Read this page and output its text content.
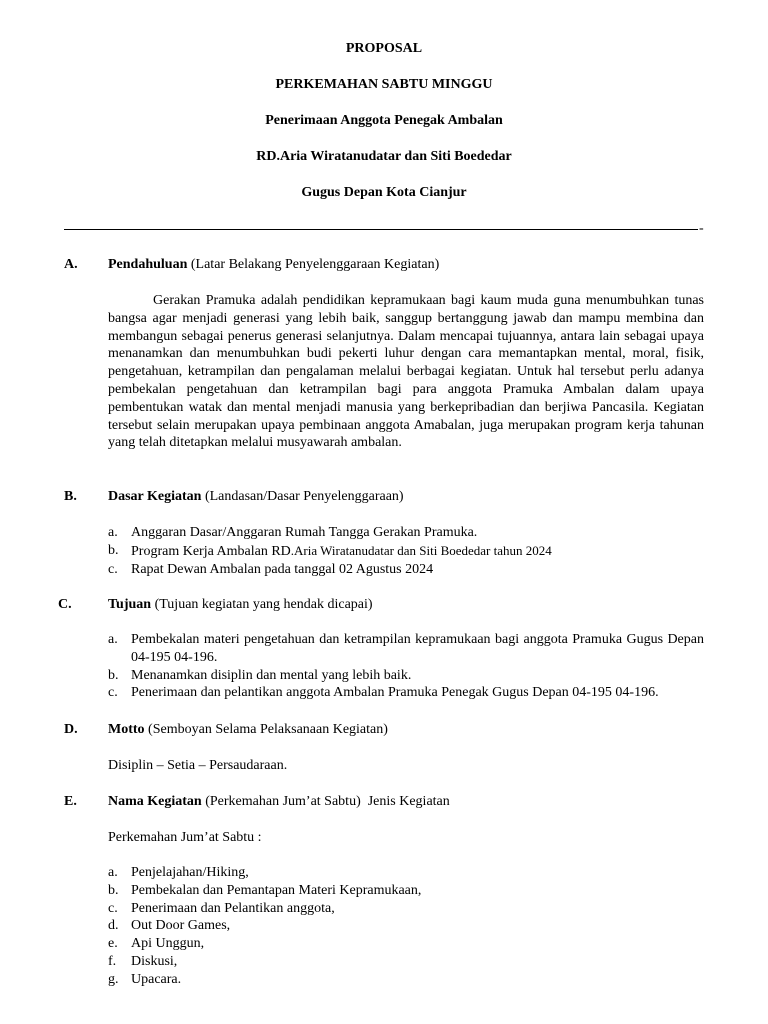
PROPOSAL

PERKEMAHAN SABTU MINGGU

Penerimaan Anggota Penegak Ambalan

RD.Aria Wiratanudatar dan Siti Boededar

Gugus Depan Kota Cianjur

-
A. Pendahuluan (Latar Belakang Penyelenggaraan Kegiatan)

Gerakan Pramuka adalah pendidikan kepramukaan bagi kaum muda guna menumbuhkan tunas bangsa agar menjadi generasi yang lebih baik, sanggup bertanggung jawab dan mampu membina dan membangun sebagai penerus generasi selanjutnya. Dalam mencapai tujuannya, antara lain sebagai upaya menanamkan dan menumbuhkan budi pekerti luhur dengan cara memantapkan mental, moral, fisik, pengetahuan, ketrampilan dan pengalaman melalui berbagai kegiatan. Untuk hal tersebut perlu adanya pembekalan pengetahuan dan ketrampilan bagi para anggota Pramuka Ambalan dalam upaya pembentukan watak dan mental menjadi manusia yang berkepribadian dan berjiwa Pancasila. Kegiatan tersebut selain merupakan upaya pembinaan anggota Amabalan, juga merupakan program kerja tahunan yang telah ditetapkan melalui musyawarah ambalan.

B. Dasar Kegiatan (Landasan/Dasar Penyelenggaraan)
a. Anggaran Dasar/Anggaran Rumah Tangga Gerakan Pramuka.
b. Program Kerja Ambalan RD.Aria Wiratanudatar dan Siti Boededar tahun 2024
c. Rapat Dewan Ambalan pada tanggal 02 Agustus 2024
C.	Tujuan (Tujuan kegiatan yang hendak dicapai)
a. Pembekalan materi pengetahuan dan ketrampilan kepramukaan bagi anggota Pramuka Gugus Depan 04-195 04-196.
b. Menanamkan disiplin dan mental yang lebih baik.
c. Penerimaan dan pelantikan anggota Ambalan Pramuka Penegak Gugus Depan 04-195 04-196.
D. Motto (Semboyan Selama Pelaksanaan Kegiatan)

Disiplin – Setia – Persaudaraan.

E. Nama Kegiatan (Perkemahan Jum’at Sabtu)  Jenis Kegiatan

Perkemahan Jum’at Sabtu :

a. Penjelajahan/Hiking,
b. Pembekalan dan Pemantapan Materi Kepramukaan,
c. Penerimaan dan Pelantikan anggota,
d. Out Door Games,
e. Api Unggun,
f. Diskusi,
g. Upacara.
